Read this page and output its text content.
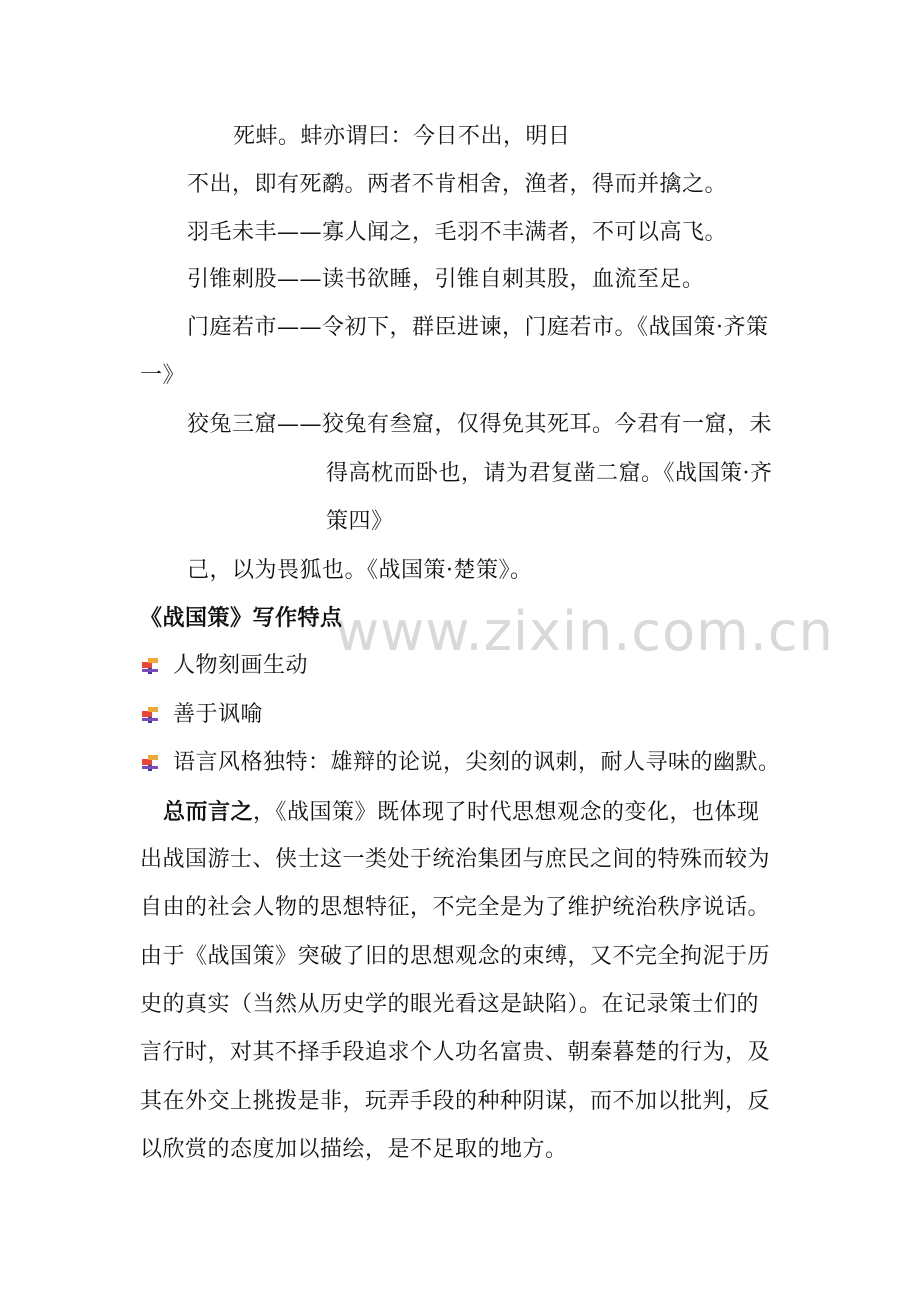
www.zixin.com.cn
死蚌。蚌亦谓曰：今日不出，明日
不出，即有死鹬。两者不肯相舍，渔者，得而并擒之。
羽毛未丰——寡人闻之，毛羽不丰满者，不可以高飞。
引锥刺股——读书欲睡，引锥自刺其股，血流至足。
门庭若市——令初下，群臣进谏，门庭若市。《战国策·齐策
一》
狡兔三窟——狡兔有叁窟，仅得免其死耳。今君有一窟，未
得高枕而卧也，请为君复凿二窟。《战国策·齐
策四》
己，以为畏狐也。《战国策·楚策》。
《战国策》写作特点
人物刻画生动
善于讽喻
语言风格独特：雄辩的论说，尖刻的讽刺，耐人寻味的幽默。
总而言之，《战国策》既体现了时代思想观念的变化，也体现
出战国游士、侠士这一类处于统治集团与庶民之间的特殊而较为
自由的社会人物的思想特征，不完全是为了维护统治秩序说话。
由于《战国策》突破了旧的思想观念的束缚，又不完全拘泥于历
史的真实（当然从历史学的眼光看这是缺陷）。在记录策士们的
言行时，对其不择手段追求个人功名富贵、朝秦暮楚的行为，及
其在外交上挑拨是非，玩弄手段的种种阴谋，而不加以批判，反
以欣赏的态度加以描绘，是不足取的地方。
